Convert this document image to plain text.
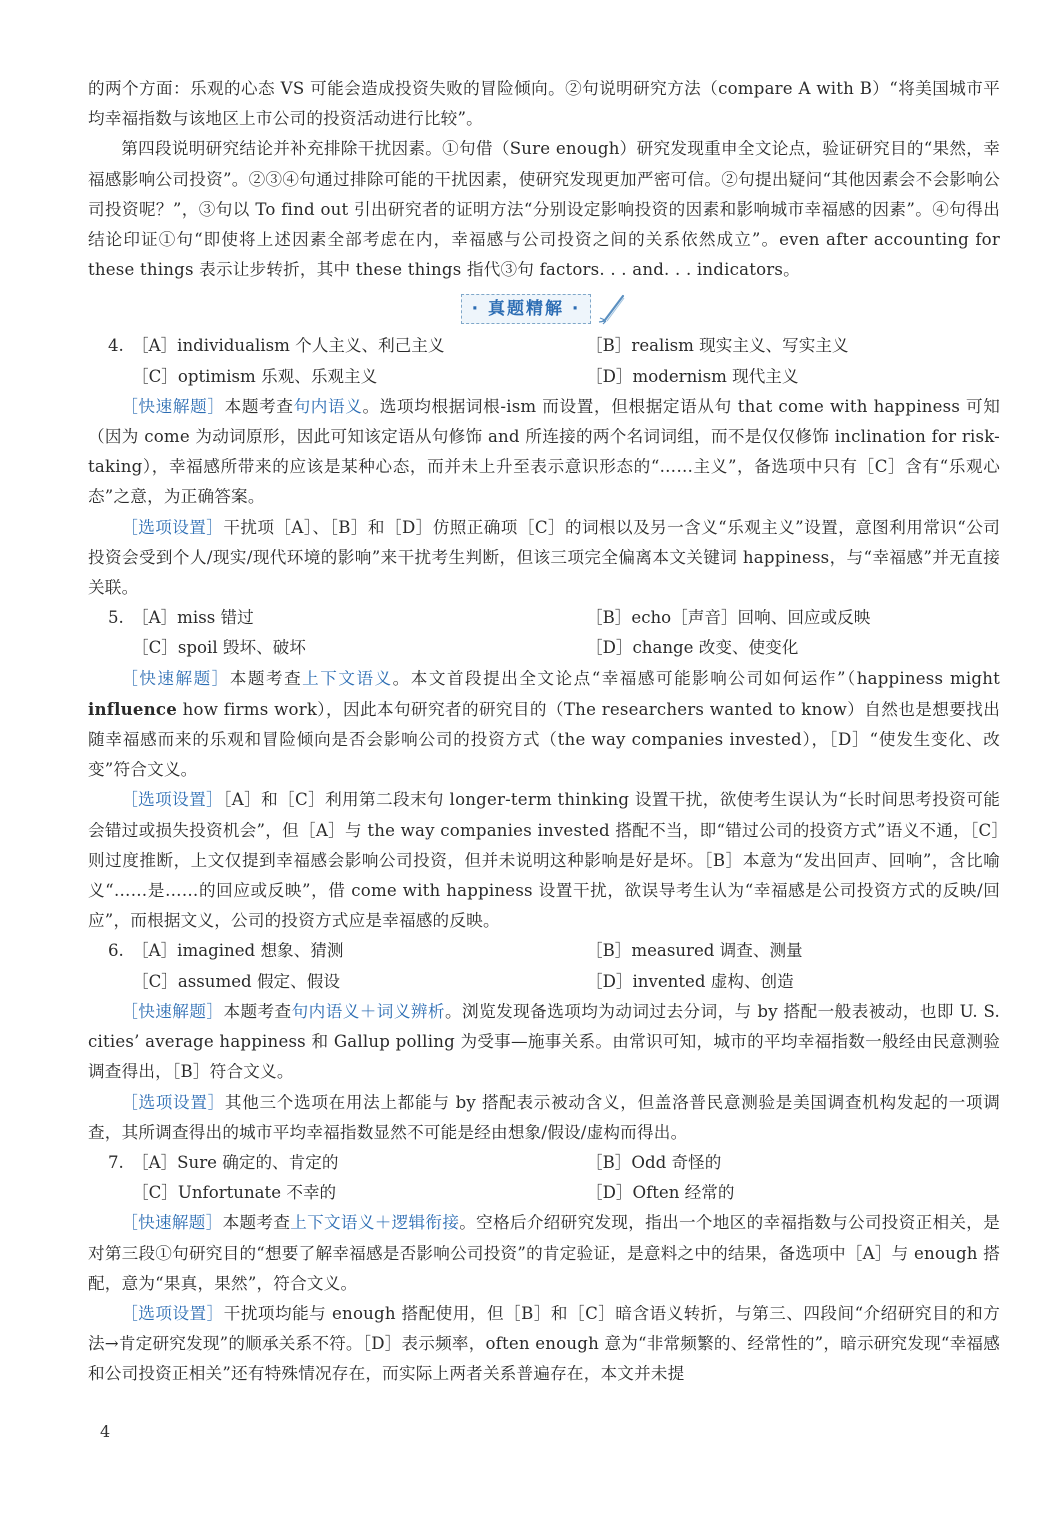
的两个方面：乐观的心态 VS 可能会造成投资失败的冒险倾向。②句说明研究方法（compare A with B）“将美国城市平均幸福指数与该地区上市公司的投资活动进行比较”。

第四段说明研究结论并补充排除干扰因素。①句借（Sure enough）研究发现重申全文论点，验证研究目的“果然，幸福感影响公司投资”。②③④句通过排除可能的干扰因素，使研究发现更加严密可信。②句提出疑问“其他因素会不会影响公司投资呢？”，③句以 To find out 引出研究者的证明方法“分别设定影响投资的因素和影响城市幸福感的因素”。④句得出结论印证①句“即使将上述因素全部考虑在内，幸福感与公司投资之间的关系依然成立”。even after accounting for these things 表示让步转折，其中 these things 指代③句 factors. . . and. . . indicators。

· 真题精解 ·
4. ［A］individualism 个人主义、利己主义	［B］realism 现实主义、写实主义
［C］optimism 乐观、乐观主义	［D］modernism 现代主义

［快速解题］本题考查句内语义。选项均根据词根-ism 而设置，但根据定语从句 that come with happiness 可知（因为 come 为动词原形，因此可知该定语从句修饰 and 所连接的两个名词词组，而不是仅仅修饰 inclination for risk-taking），幸福感所带来的应该是某种心态，而并未上升至表示意识形态的“……主义”，备选项中只有［C］含有“乐观心态”之意，为正确答案。

［选项设置］干扰项［A］、［B］和［D］仿照正确项［C］的词根以及另一含义“乐观主义”设置，意图利用常识“公司投资会受到个人/现实/现代环境的影响”来干扰考生判断，但该三项完全偏离本文关键词 happiness，与“幸福感”并无直接关联。

5. ［A］miss 错过	［B］echo［声音］回响、回应或反映
［C］spoil 毁坏、破坏	［D］change 改变、使变化

［快速解题］本题考查上下文语义。本文首段提出全文论点“幸福感可能影响公司如何运作”（happiness might influence how firms work），因此本句研究者的研究目的（The researchers wanted to know）自然也是想要找出随幸福感而来的乐观和冒险倾向是否会影响公司的投资方式（the way companies invested），［D］“使发生变化、改变”符合文义。

［选项设置］［A］和［C］利用第二段末句 longer-term thinking 设置干扰，欲使考生误认为“长时间思考投资可能会错过或损失投资机会”，但［A］与 the way companies invested 搭配不当，即“错过公司的投资方式”语义不通，［C］则过度推断，上文仅提到幸福感会影响公司投资，但并未说明这种影响是好是坏。［B］本意为“发出回声、回响”，含比喻义“……是……的回应或反映”，借 come with happiness 设置干扰，欲误导考生认为“幸福感是公司投资方式的反映/回应”，而根据文义，公司的投资方式应是幸福感的反映。

6. ［A］imagined 想象、猜测	［B］measured 调查、测量
［C］assumed 假定、假设	［D］invented 虚构、创造

［快速解题］本题考查句内语义＋词义辨析。浏览发现备选项均为动词过去分词，与 by 搭配一般表被动，也即 U. S. cities’ average happiness 和 Gallup polling 为受事—施事关系。由常识可知，城市的平均幸福指数一般经由民意测验调查得出，［B］符合文义。

［选项设置］其他三个选项在用法上都能与 by 搭配表示被动含义，但盖洛普民意测验是美国调查机构发起的一项调查，其所调查得出的城市平均幸福指数显然不可能是经由想象/假设/虚构而得出。

7. ［A］Sure 确定的、肯定的	［B］Odd 奇怪的
［C］Unfortunate 不幸的	［D］Often 经常的

［快速解题］本题考查上下文语义＋逻辑衔接。空格后介绍研究发现，指出一个地区的幸福指数与公司投资正相关，是对第三段①句研究目的“想要了解幸福感是否影响公司投资”的肯定验证，是意料之中的结果，备选项中［A］与 enough 搭配，意为“果真，果然”，符合文义。

［选项设置］干扰项均能与 enough 搭配使用，但［B］和［C］暗含语义转折，与第三、四段间“介绍研究目的和方法→肯定研究发现”的顺承关系不符。［D］表示频率，often enough 意为“非常频繁的、经常性的”，暗示研究发现“幸福感和公司投资正相关”还有特殊情况存在，而实际上两者关系普遍存在，本文并未提

4
